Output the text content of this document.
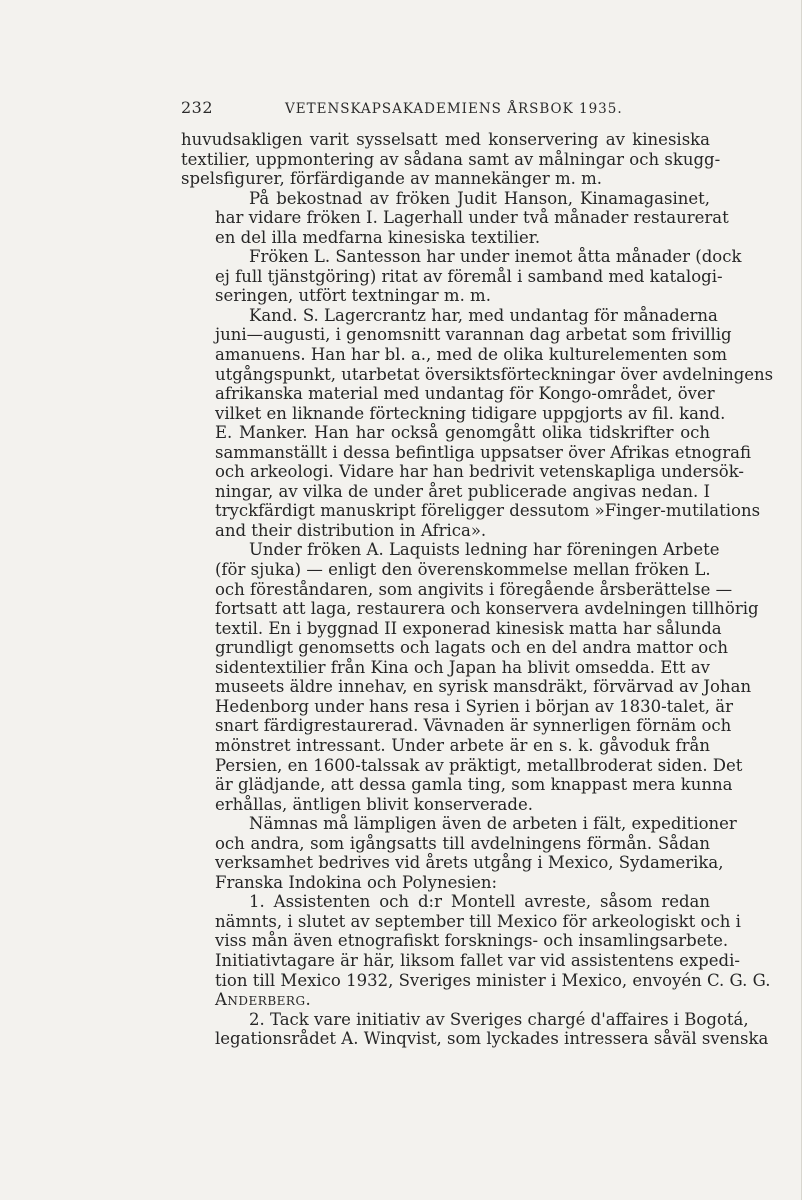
232	VETENSKAPSAKADEMIENS ÅRSBOK 1935.

huvudsakligen varit sysselsatt med konservering av kinesiska
textilier, uppmontering av sådana samt av målningar och skugg-
spelsfigurer, förfärdigande av mannekänger m. m.

På bekostnad av fröken Judit Hanson, Kinamagasinet,
har vidare fröken I. Lagerhall under två månader restaurerat
en del illa medfarna kinesiska textilier.

Fröken L. Santesson har under inemot åtta månader (dock
ej full tjänstgöring) ritat av föremål i samband med katalogi-
seringen, utfört textningar m. m.

Kand. S. Lagercrantz har, med undantag för månaderna
juni—augusti, i genomsnitt varannan dag arbetat som frivillig
amanuens. Han har bl. a., med de olika kulturelementen som
utgångspunkt, utarbetat översiktsförteckningar över avdelningens
afrikanska material med undantag för Kongo-området, över
vilket en liknande förteckning tidigare uppgjorts av fil. kand.
E. Manker. Han har också genomgått olika tidskrifter och
sammanställt i dessa befintliga uppsatser över Afrikas etnografi
och arkeologi. Vidare har han bedrivit vetenskapliga undersök-
ningar, av vilka de under året publicerade angivas nedan. I
tryckfärdigt manuskript föreligger dessutom »Finger-mutilations
and their distribution in Africa».

Under fröken A. Laquists ledning har föreningen Arbete
(för sjuka) — enligt den överenskommelse mellan fröken L.
och föreståndaren, som angivits i föregående årsberättelse —
fortsatt att laga, restaurera och konservera avdelningen tillhörig
textil. En i byggnad II exponerad kinesisk matta har sålunda
grundligt genomsetts och lagats och en del andra mattor och
sidentextilier från Kina och Japan ha blivit omsedda. Ett av
museets äldre innehav, en syrisk mansdräkt, förvärvad av Johan
Hedenborg under hans resa i Syrien i början av 1830-talet, är
snart färdigrestaurerad. Vävnaden är synnerligen förnäm och
mönstret intressant. Under arbete är en s. k. gåvoduk från
Persien, en 1600-talssak av präktigt, metallbroderat siden. Det
är glädjande, att dessa gamla ting, som knappast mera kunna
erhållas, äntligen blivit konserverade.

Nämnas må lämpligen även de arbeten i fält, expeditioner
och andra, som igångsatts till avdelningens förmån. Sådan
verksamhet bedrives vid årets utgång i Mexico, Sydamerika,
Franska Indokina och Polynesien:

1. Assistenten och d:r Montell avreste, såsom redan
nämnts, i slutet av september till Mexico för arkeologiskt och i
viss mån även etnografiskt forsknings- och insamlingsarbete.
Initiativtagare är här, liksom fallet var vid assistentens expedi-
tion till Mexico 1932, Sveriges minister i Mexico, envoyén C. G. G.
Anderberg.

2. Tack vare initiativ av Sveriges chargé d'affaires i Bogotá,
legationsrådet A. Winqvist, som lyckades intressera såväl svenska
